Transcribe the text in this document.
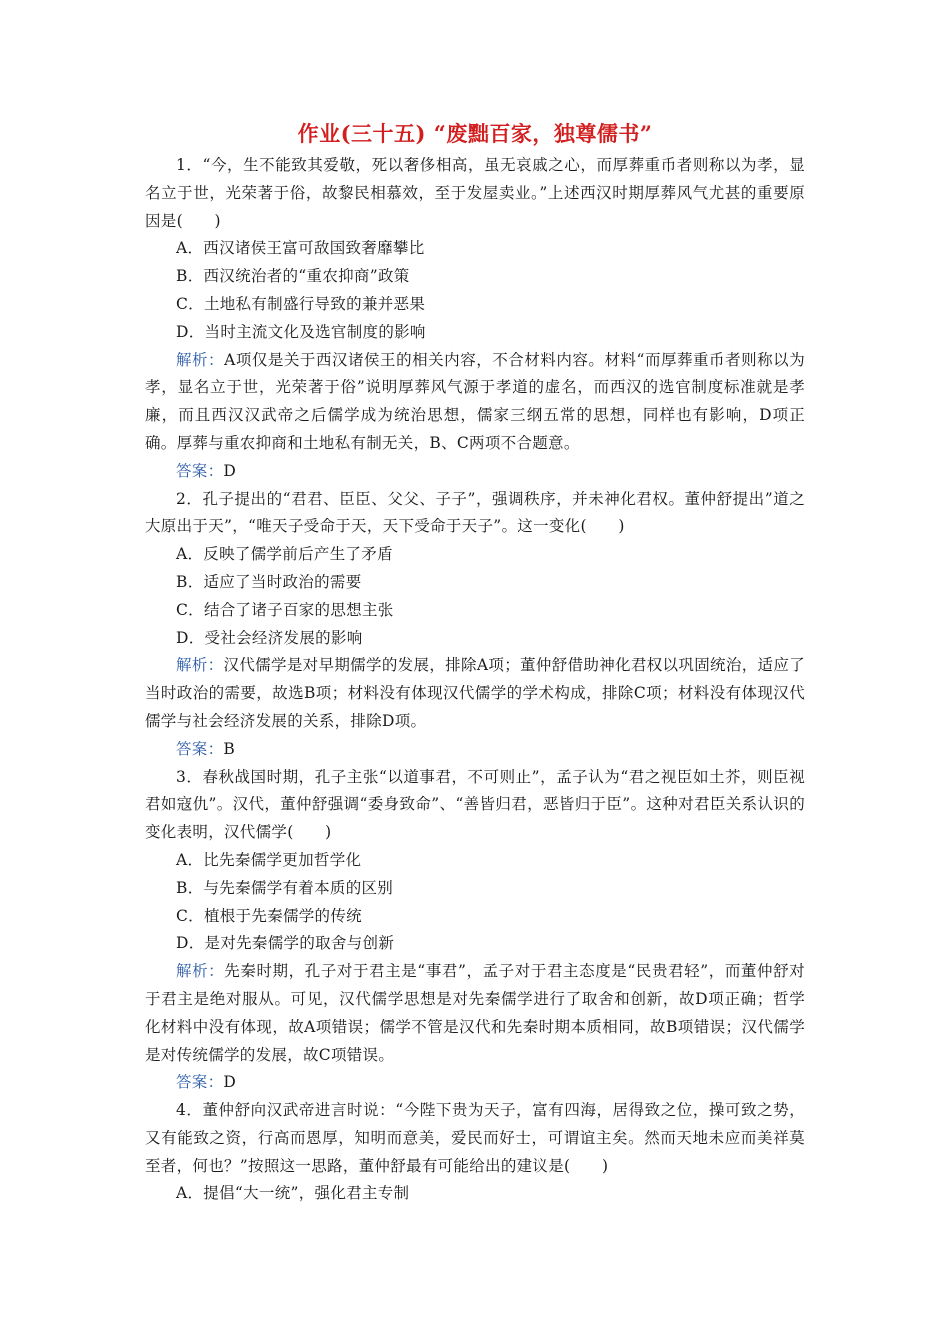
作业(三十五) “废黜百家，独尊儒书”

1．“今，生不能致其爱敬，死以奢侈相高，虽无哀戚之心，而厚葬重币者则称以为孝，显名立于世，光荣著于俗，故黎民相慕效，至于发屋卖业。”上述西汉时期厚葬风气尤甚的重要原因是(　　)

A．西汉诸侯王富可敌国致奢靡攀比

B．西汉统治者的“重农抑商”政策

C．土地私有制盛行导致的兼并恶果

D．当时主流文化及选官制度的影响

解析：A项仅是关于西汉诸侯王的相关内容，不合材料内容。材料“而厚葬重币者则称以为孝，显名立于世，光荣著于俗”说明厚葬风气源于孝道的虚名，而西汉的选官制度标准就是孝廉，而且西汉汉武帝之后儒学成为统治思想，儒家三纲五常的思想，同样也有影响，D项正确。厚葬与重农抑商和土地私有制无关，B、C两项不合题意。

答案：D

2．孔子提出的“君君、臣臣、父父、子子”，强调秩序，并未神化君权。董仲舒提出”道之大原出于天”，“唯天子受命于天，天下受命于天子”。这一变化(　　)

A．反映了儒学前后产生了矛盾

B．适应了当时政治的需要

C．结合了诸子百家的思想主张

D．受社会经济发展的影响

解析：汉代儒学是对早期儒学的发展，排除A项；董仲舒借助神化君权以巩固统治，适应了当时政治的需要，故选B项；材料没有体现汉代儒学的学术构成，排除C项；材料没有体现汉代儒学与社会经济发展的关系，排除D项。

答案：B

3．春秋战国时期，孔子主张“以道事君，不可则止”，孟子认为“君之视臣如土芥，则臣视君如寇仇”。汉代，董仲舒强调“委身致命”、“善皆归君，恶皆归于臣”。这种对君臣关系认识的变化表明，汉代儒学(　　)

A．比先秦儒学更加哲学化

B．与先秦儒学有着本质的区别

C．植根于先秦儒学的传统

D．是对先秦儒学的取舍与创新

解析：先秦时期，孔子对于君主是“事君”，孟子对于君主态度是“民贵君轻”，而董仲舒对于君主是绝对服从。可见，汉代儒学思想是对先秦儒学进行了取舍和创新，故D项正确；哲学化材料中没有体现，故A项错误；儒学不管是汉代和先秦时期本质相同，故B项错误；汉代儒学是对传统儒学的发展，故C项错误。

答案：D

4．董仲舒向汉武帝进言时说：“今陛下贵为天子，富有四海，居得致之位，操可致之势，又有能致之资，行高而恩厚，知明而意美，爱民而好士，可谓谊主矣。然而天地未应而美祥莫至者，何也？”按照这一思路，董仲舒最有可能给出的建议是(　　)

A．提倡“大一统”，强化君主专制
